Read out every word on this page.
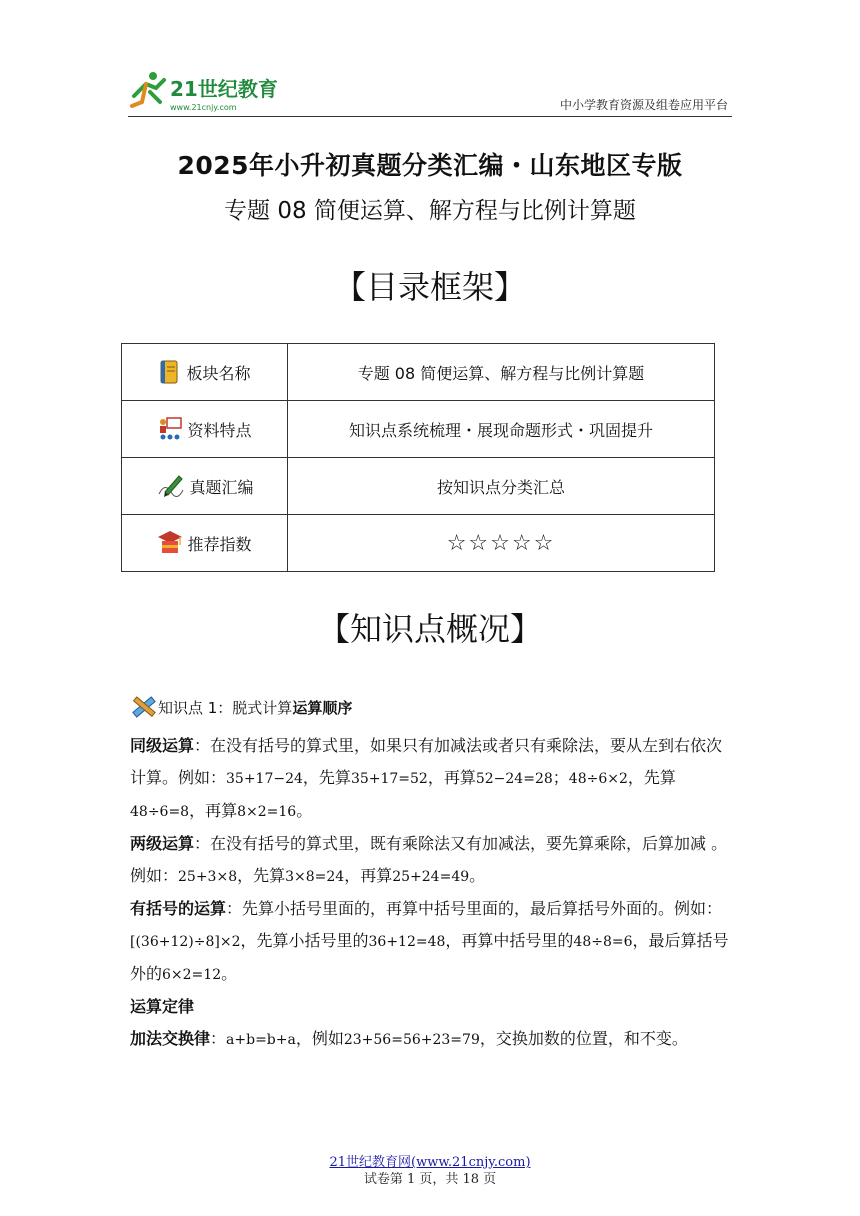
21世纪教育
www.21cnjy.com	中小学教育资源及组卷应用平台
2025年小升初真题分类汇编・山东地区专版
专题 08 简便运算、解方程与比例计算题
【目录框架】
板块名称	专题 08 简便运算、解方程与比例计算题

资料特点	知识点系统梳理・展现命题形式・巩固提升

真题汇编	按知识点分类汇总

推荐指数	☆☆☆☆☆
【知识点概况】
知识点 1：脱式计算 运算顺序

同级运算：在没有括号的算式里，如果只有加减法或者只有乘除法，要从左到右依次计算。例如：35+17−24，先算35+17=52，再算52−24=28；48÷6×2，先算48÷6=8，再算8×2=16。

两级运算：在没有括号的算式里，既有乘除法又有加减法，要先算乘除，后算加减 。例如：25+3×8，先算3×8=24，再算25+24=49。

有括号的运算：先算小括号里面的，再算中括号里面的，最后算括号外面的。例如：[(36+12)÷8]×2，先算小括号里的36+12=48，再算中括号里的48÷8=6，最后算括号外的6×2=12。

运算定律

加法交换律：a+b=b+a，例如23+56=56+23=79，交换加数的位置，和不变。

21世纪教育网(www.21cnjy.com)
试卷第 1 页，共 18 页
